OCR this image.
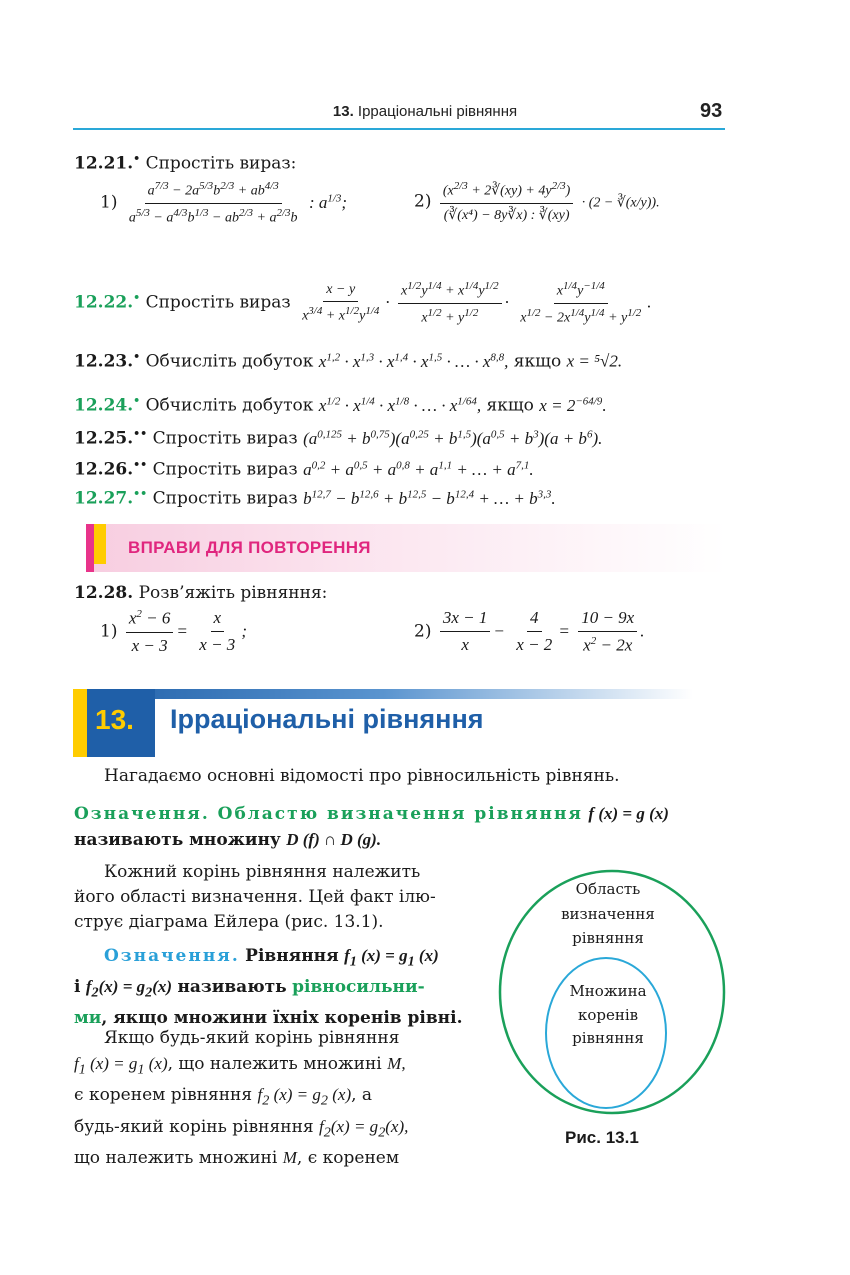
13. Ірраціональні рівняння	93
12.21.• Спростіть вираз:
$1) \frac{a^{7/3} - 2a^{5/3}b^{2/3} + ab^{4/3}}{a^{5/3} - a^{4/3}b^{1/3} - ab^{2/3} + a^{2/3}b}$ : $a^{1/3}$;	$2) \frac{(x^{2/3} + 2∛(xy) + 4y^{2/3})}{\text{(∛(x⁴) − 8y∛x) : ∛(xy)}} \cdot (2$ − ∛(x/y)).
12.22.• Спростіть вираз $\frac{x - y}{x^{3/4} + x^{1/2}y^{1/4}} \cdot \frac{x^{1/2}y^{1/4} + x^{1/4}y^{1/2}}{x^{1/2} + y^{1/2}} \cdot \frac{x^{1/4}y^{-1/4}}{x^{1/2} - 2x^{1/4}y^{1/4} + y^{1/2}}$ .
12.23.• Обчисліть добуток $x^{1,2} \cdot x^{1,3} \cdot x^{1,4} \cdot x^{1,5}$ · … · $x^{8,8}$, якщо x = ⁵√2.
12.24.• Обчисліть добуток $x^{1/2} \cdot x^{1/4} \cdot x^{1/8}$ · … · $x^{1/64}$, якщо $x = 2^{-64/9}$.
12.25.•• Спростіть вираз $(a^{0,125} + b^{0,75})(a^{0,25} + b^{1,5})(a^{0,5} + b^3)(a + b^6)$.
12.26.•• Спростіть вираз $a^{0,2} + a^{0,5} + a^{0,8} + a^{1,1}$ + … + $a^{7,1}$.
12.27.•• Спростіть вираз $b^{12,7} - b^{12,6} + b^{12,5} - b^{12,4}$ + … + $b^{3,3}$.
ВПРАВИ ДЛЯ ПОВТОРЕННЯ
12.28. Розв’яжіть рівняння:
$1) \frac{x^2 - 6}{x - 3} = \frac{x}{x - 3}$ ;	$2) \frac{3x - 1}{x} - \frac{4}{x - 2} = \frac{10 - 9x}{x^2 - 2x}$ .
13. Ірраціональні рівняння
Нагадаємо основні відомості про рівносильність рівнянь.
Означення. Областю визначення рівняння f (x) = g (x)
називають множину D (f) ∩ D (g).
Кожний корінь рівняння належить
його області визначення. Цей факт ілю-
струє діаграма Ейлера (рис. 13.1).
Означення. Рівняння $f_1$ $(x) = g_1$ (x)
і $f_2(x) = g_2(x)$ називають рівносильни-
ми, якщо множини їхніх коренів рівні.
Якщо будь-який корінь рівняння
$f_1$ $(x) = g_1$ (x), що належить множині M,
є коренем рівняння $f_2$ $(x) = g_2$ (x), а
будь-який корінь рівняння $f_2(x) = g_2(x)$,
що належить множині M, є коренем
Область
визначення
рівняння
Множина
коренів
рівняння
Рис. 13.1
